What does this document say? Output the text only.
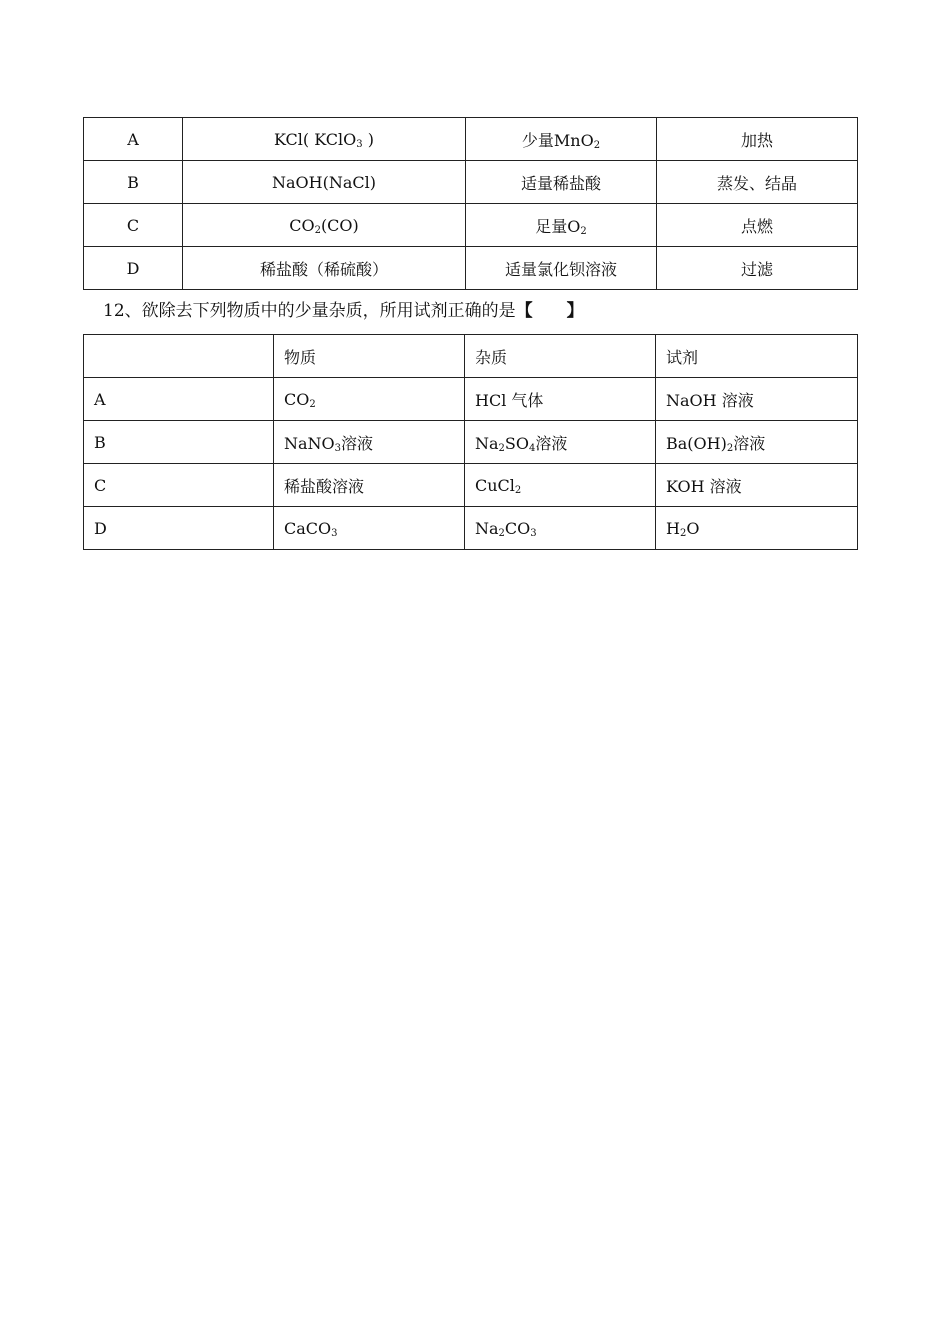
A	KCl( KClO$_3$ )	少量MnO$_2$	加热
B	NaOH(NaCl)	适量稀盐酸	蒸发、结晶
C	$CO_2(CO)$	足量$O_2$	点燃
D	稀盐酸（稀硫酸）	适量氯化钡溶液	过滤
12、欲除去下列物质中的少量杂质，所用试剂正确的是【　　】
	物质	杂质	试剂
A	$CO_2$	HCl 气体	NaOH 溶液
B	NaNO$_3$溶液	$Na_2SO_4$溶液	$Ba(OH)_2$溶液
C	稀盐酸溶液	CuCl$_2$	KOH 溶液
D	CaCO$_3$	$Na_2CO_3$	$H_2O$
